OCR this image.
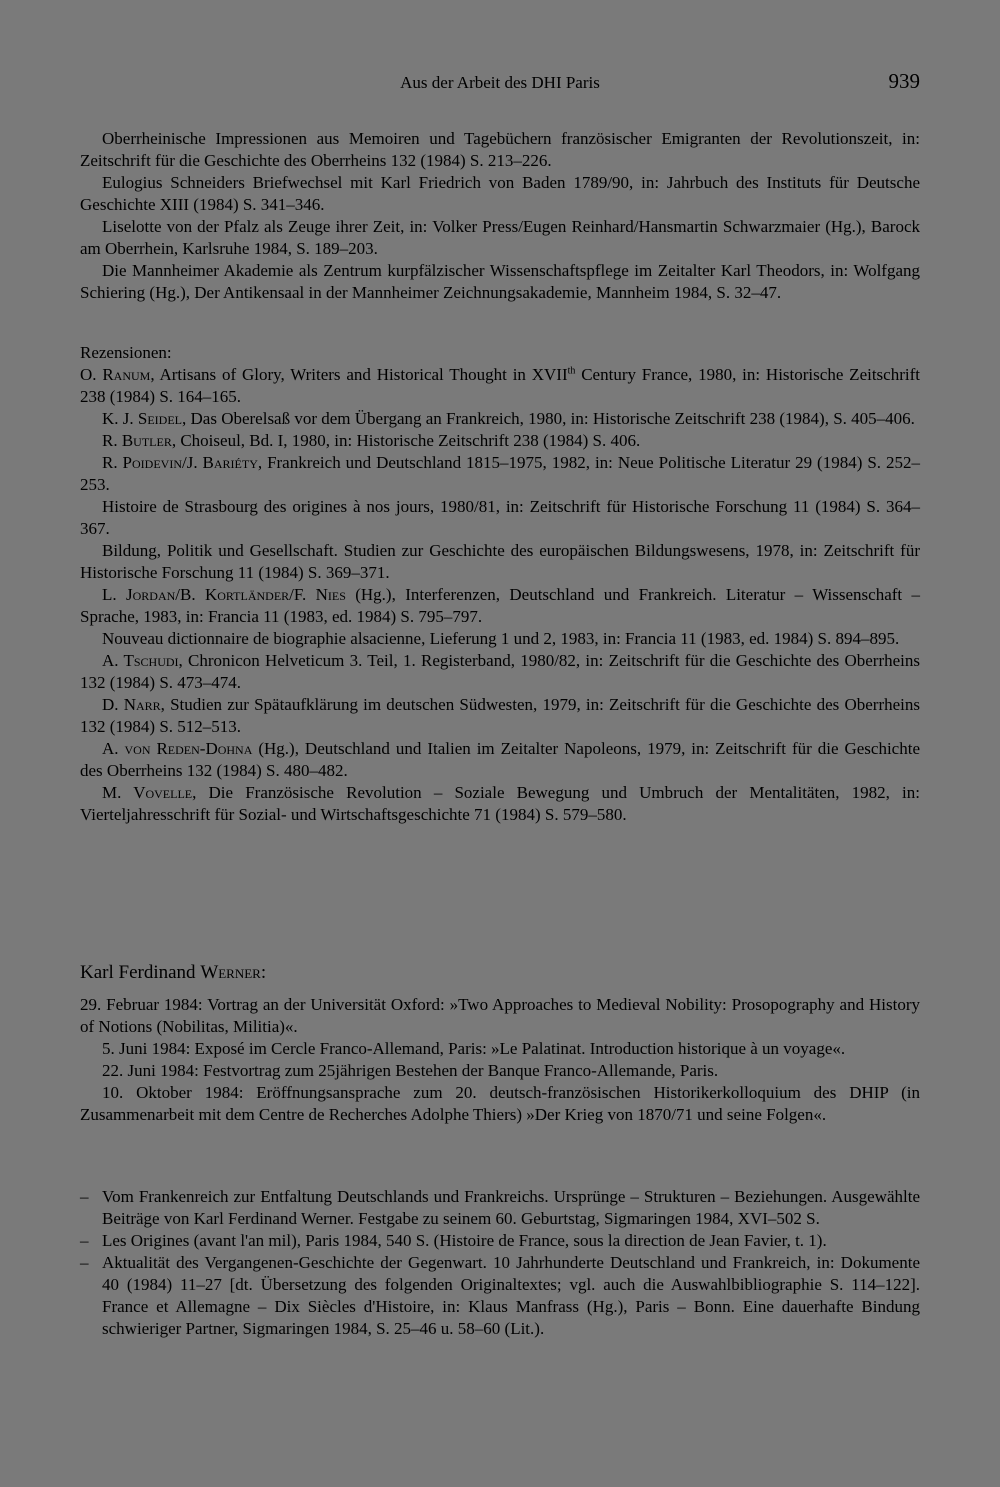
Aus der Arbeit des DHI Paris	939

Oberrheinische Impressionen aus Memoiren und Tagebüchern französischer Emigranten der Revolutionszeit, in: Zeitschrift für die Geschichte des Oberrheins 132 (1984) S. 213–226.

Eulogius Schneiders Briefwechsel mit Karl Friedrich von Baden 1789/90, in: Jahrbuch des Instituts für Deutsche Geschichte XIII (1984) S. 341–346.

Liselotte von der Pfalz als Zeuge ihrer Zeit, in: Volker Press/Eugen Reinhard/Hansmartin Schwarzmaier (Hg.), Barock am Oberrhein, Karlsruhe 1984, S. 189–203.

Die Mannheimer Akademie als Zentrum kurpfälzischer Wissenschaftspflege im Zeitalter Karl Theodors, in: Wolfgang Schiering (Hg.), Der Antikensaal in der Mannheimer Zeichnungsakademie, Mannheim 1984, S. 32–47.

Rezensionen:

O. Ranum, Artisans of Glory, Writers and Historical Thought in XVIIth Century France, 1980, in: Historische Zeitschrift 238 (1984) S. 164–165.

K. J. Seidel, Das Oberelsaß vor dem Übergang an Frankreich, 1980, in: Historische Zeitschrift 238 (1984), S. 405–406.

R. Butler, Choiseul, Bd. I, 1980, in: Historische Zeitschrift 238 (1984) S. 406.

R. Poidevin/J. Bariéty, Frankreich und Deutschland 1815–1975, 1982, in: Neue Politische Literatur 29 (1984) S. 252–253.

Histoire de Strasbourg des origines à nos jours, 1980/81, in: Zeitschrift für Historische Forschung 11 (1984) S. 364–367.

Bildung, Politik und Gesellschaft. Studien zur Geschichte des europäischen Bildungswesens, 1978, in: Zeitschrift für Historische Forschung 11 (1984) S. 369–371.

L. Jordan/B. Kortländer/F. Nies (Hg.), Interferenzen, Deutschland und Frankreich. Literatur – Wissenschaft – Sprache, 1983, in: Francia 11 (1983, ed. 1984) S. 795–797.

Nouveau dictionnaire de biographie alsacienne, Lieferung 1 und 2, 1983, in: Francia 11 (1983, ed. 1984) S. 894–895.

A. Tschudi, Chronicon Helveticum 3. Teil, 1. Registerband, 1980/82, in: Zeitschrift für die Geschichte des Oberrheins 132 (1984) S. 473–474.

D. Narr, Studien zur Spätaufklärung im deutschen Südwesten, 1979, in: Zeitschrift für die Geschichte des Oberrheins 132 (1984) S. 512–513.

A. von Reden-Dohna (Hg.), Deutschland und Italien im Zeitalter Napoleons, 1979, in: Zeitschrift für die Geschichte des Oberrheins 132 (1984) S. 480–482.

M. Vovelle, Die Französische Revolution – Soziale Bewegung und Umbruch der Mentalitäten, 1982, in: Vierteljahresschrift für Sozial- und Wirtschaftsgeschichte 71 (1984) S. 579–580.

Karl Ferdinand Werner:

29. Februar 1984: Vortrag an der Universität Oxford: »Two Approaches to Medieval Nobility: Prosopography and History of Notions (Nobilitas, Militia)«.

5. Juni 1984: Exposé im Cercle Franco-Allemand, Paris: »Le Palatinat. Introduction historique à un voyage«.

22. Juni 1984: Festvortrag zum 25jährigen Bestehen der Banque Franco-Allemande, Paris.

10. Oktober 1984: Eröffnungsansprache zum 20. deutsch-französischen Historikerkolloquium des DHIP (in Zusammenarbeit mit dem Centre de Recherches Adolphe Thiers) »Der Krieg von 1870/71 und seine Folgen«.

– Vom Frankenreich zur Entfaltung Deutschlands und Frankreichs. Ursprünge – Strukturen – Beziehungen. Ausgewählte Beiträge von Karl Ferdinand Werner. Festgabe zu seinem 60. Geburtstag, Sigmaringen 1984, XVI–502 S.
– Les Origines (avant l'an mil), Paris 1984, 540 S. (Histoire de France, sous la direction de Jean Favier, t. 1).
– Aktualität des Vergangenen-Geschichte der Gegenwart. 10 Jahrhunderte Deutschland und Frankreich, in: Dokumente 40 (1984) 11–27 [dt. Übersetzung des folgenden Originaltextes; vgl. auch die Auswahlbibliographie S. 114–122]. France et Allemagne – Dix Siècles d'Histoire, in: Klaus Manfrass (Hg.), Paris – Bonn. Eine dauerhafte Bindung schwieriger Partner, Sigmaringen 1984, S. 25–46 u. 58–60 (Lit.).
